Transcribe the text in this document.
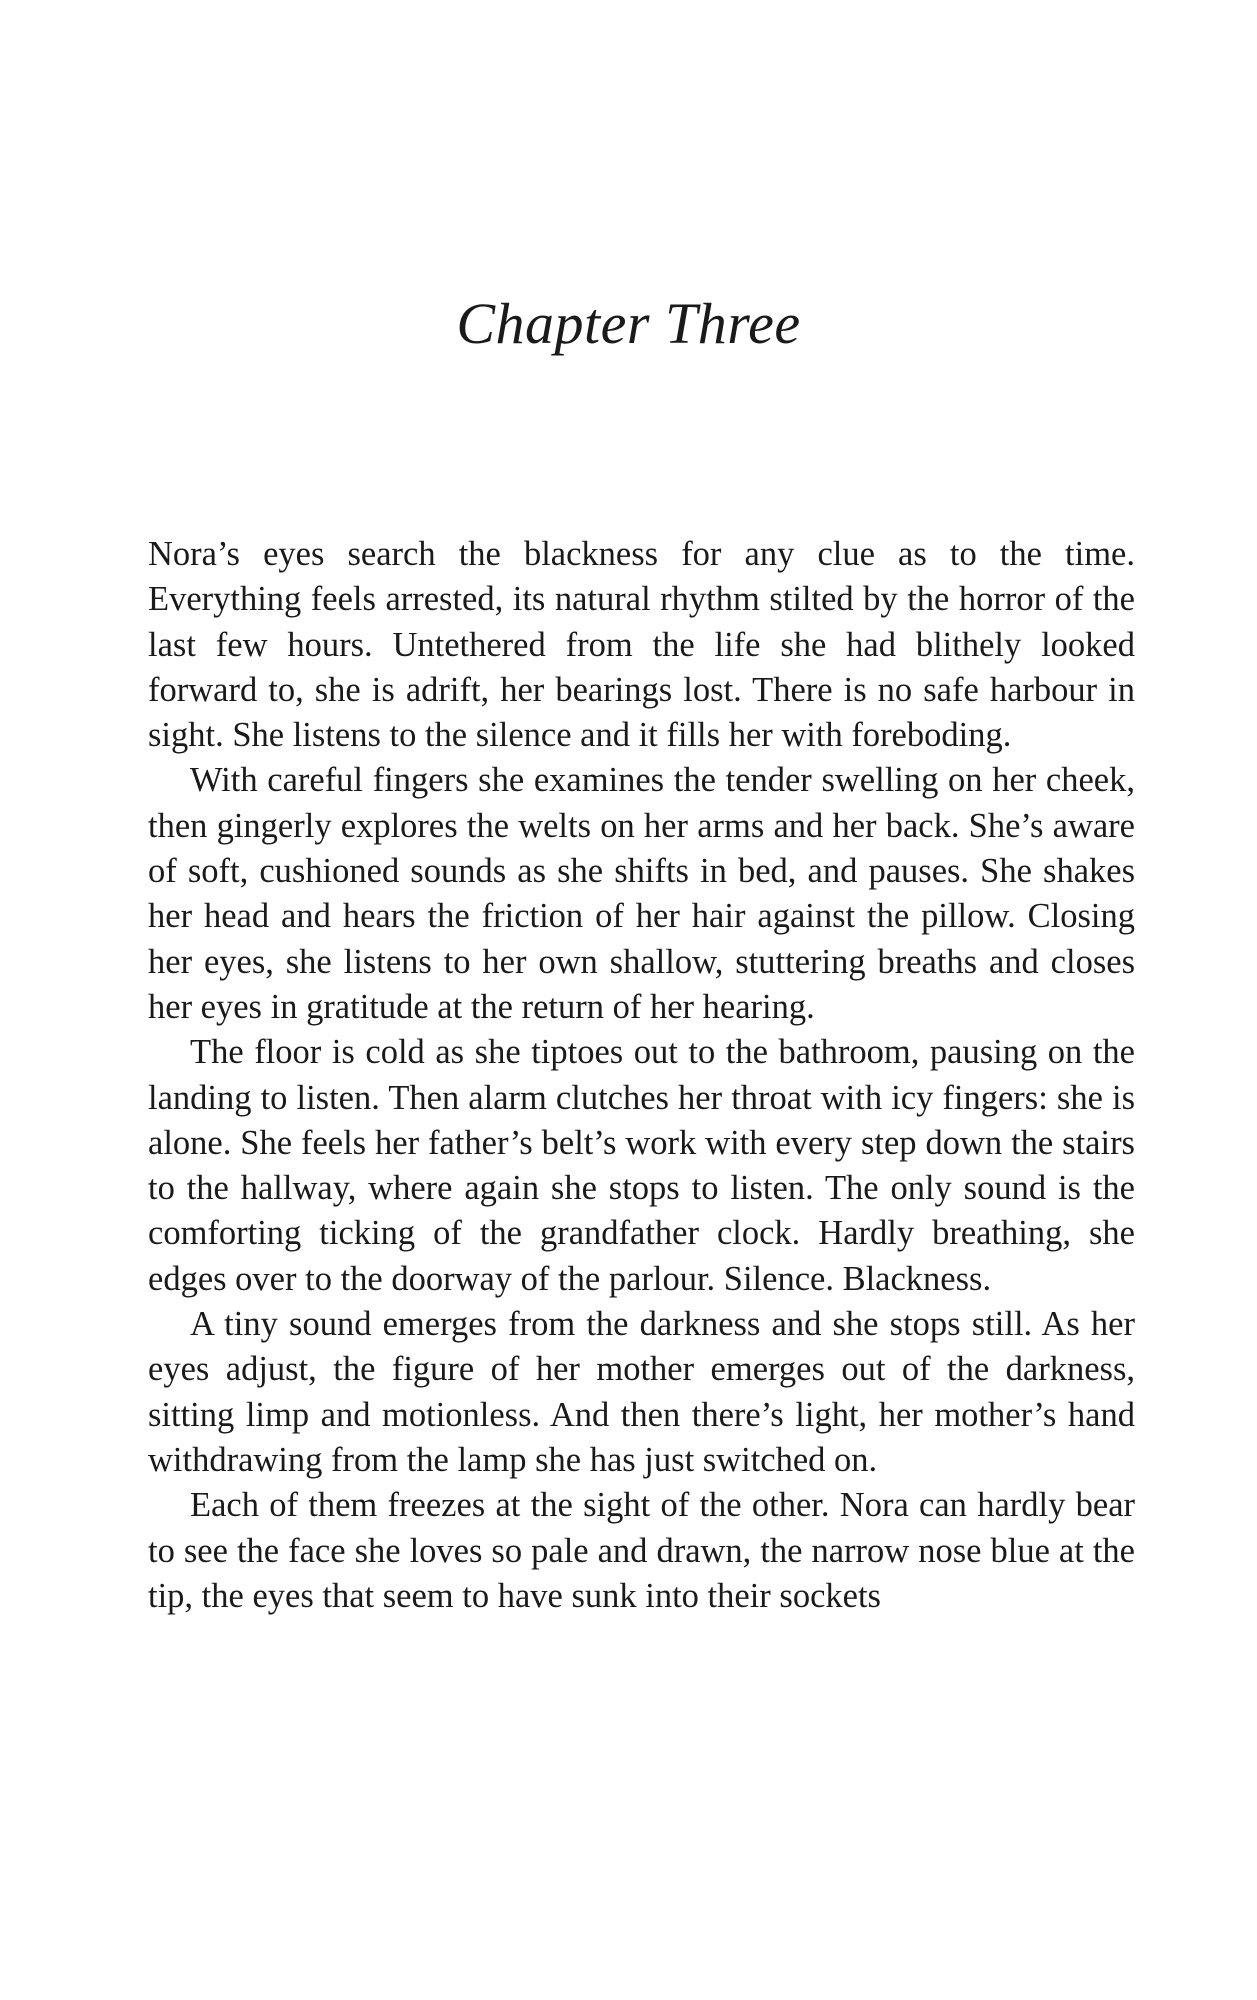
Chapter Three

Nora’s eyes search the blackness for any clue as to the time. Everything feels arrested, its natural rhythm stilted by the horror of the last few hours. Untethered from the life she had blithely looked forward to, she is adrift, her bearings lost. There is no safe harbour in sight. She listens to the silence and it fills her with foreboding.

With careful fingers she examines the tender swelling on her cheek, then gingerly explores the welts on her arms and her back. She’s aware of soft, cushioned sounds as she shifts in bed, and pauses. She shakes her head and hears the friction of her hair against the pillow. Closing her eyes, she listens to her own shallow, stuttering breaths and closes her eyes in gratitude at the return of her hearing.

The floor is cold as she tiptoes out to the bathroom, pausing on the landing to listen. Then alarm clutches her throat with icy fingers: she is alone. She feels her father’s belt’s work with every step down the stairs to the hallway, where again she stops to listen. The only sound is the comforting ticking of the grandfather clock. Hardly breathing, she edges over to the doorway of the parlour. Silence. Blackness.

A tiny sound emerges from the darkness and she stops still. As her eyes adjust, the figure of her mother emerges out of the darkness, sitting limp and motionless. And then there’s light, her mother’s hand withdrawing from the lamp she has just switched on.

Each of them freezes at the sight of the other. Nora can hardly bear to see the face she loves so pale and drawn, the narrow nose blue at the tip, the eyes that seem to have sunk into their sockets
